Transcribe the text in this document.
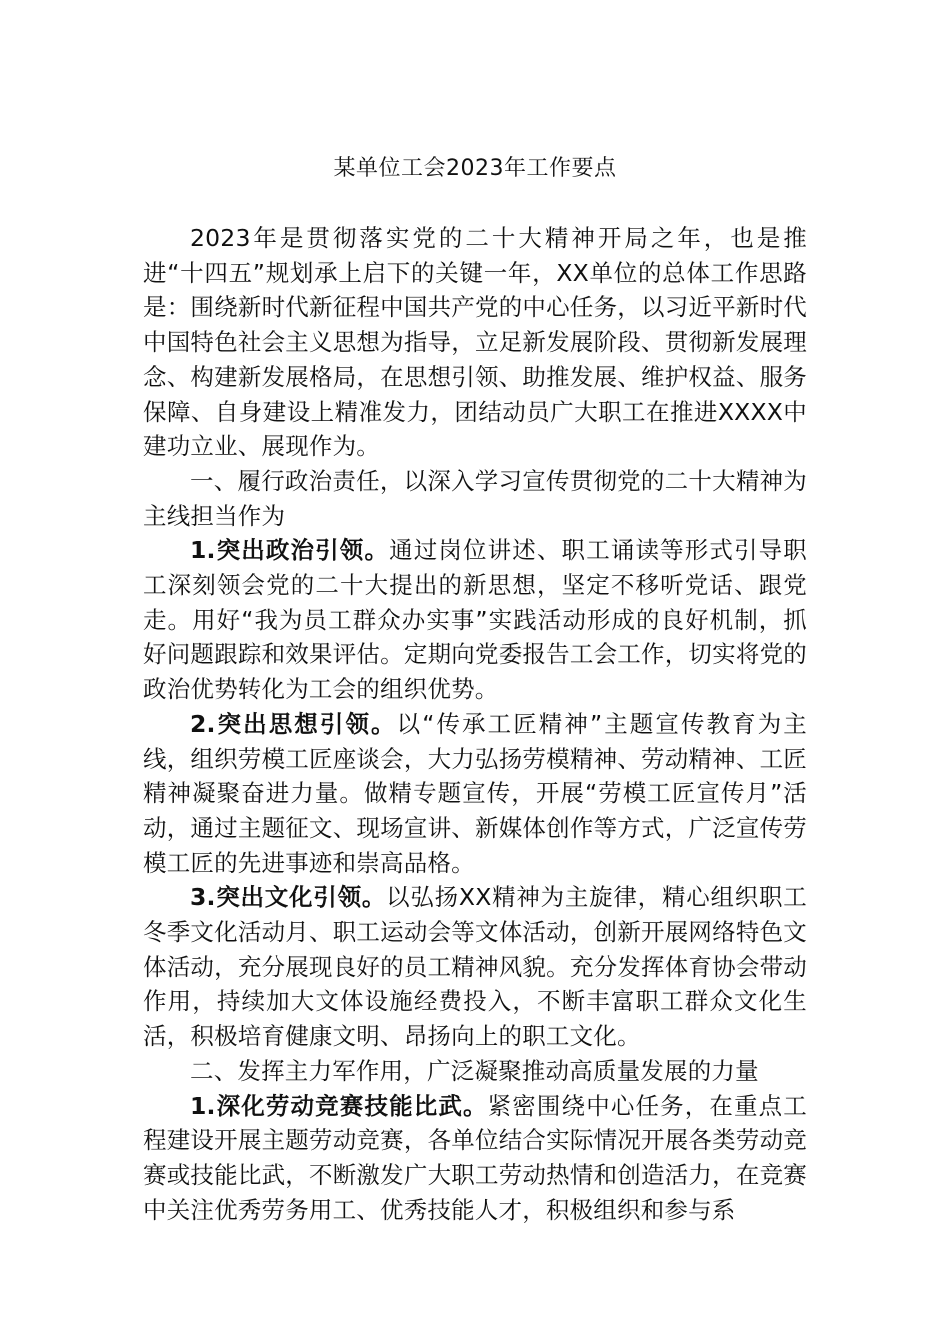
某单位工会2023年工作要点

2023年是贯彻落实党的二十大精神开局之年，也是推进“十四五”规划承上启下的关键一年，XX单位的总体工作思路是：围绕新时代新征程中国共产党的中心任务，以习近平新时代中国特色社会主义思想为指导，立足新发展阶段、贯彻新发展理念、构建新发展格局，在思想引领、助推发展、维护权益、服务保障、自身建设上精准发力，团结动员广大职工在推进XXXX中建功立业、展现作为。

一、履行政治责任，以深入学习宣传贯彻党的二十大精神为主线担当作为

1.突出政治引领。通过岗位讲述、职工诵读等形式引导职工深刻领会党的二十大提出的新思想，坚定不移听党话、跟党走。用好“我为员工群众办实事”实践活动形成的良好机制，抓好问题跟踪和效果评估。定期向党委报告工会工作，切实将党的政治优势转化为工会的组织优势。

2.突出思想引领。以“传承工匠精神”主题宣传教育为主线，组织劳模工匠座谈会，大力弘扬劳模精神、劳动精神、工匠精神凝聚奋进力量。做精专题宣传，开展“劳模工匠宣传月”活动，通过主题征文、现场宣讲、新媒体创作等方式，广泛宣传劳模工匠的先进事迹和崇高品格。

3.突出文化引领。以弘扬XX精神为主旋律，精心组织职工冬季文化活动月、职工运动会等文体活动，创新开展网络特色文体活动，充分展现良好的员工精神风貌。充分发挥体育协会带动作用，持续加大文体设施经费投入，不断丰富职工群众文化生活，积极培育健康文明、昂扬向上的职工文化。

二、发挥主力军作用，广泛凝聚推动高质量发展的力量

1.深化劳动竞赛技能比武。紧密围绕中心任务，在重点工程建设开展主题劳动竞赛，各单位结合实际情况开展各类劳动竞赛或技能比武，不断激发广大职工劳动热情和创造活力，在竞赛中关注优秀劳务用工、优秀技能人才，积极组织和参与系
